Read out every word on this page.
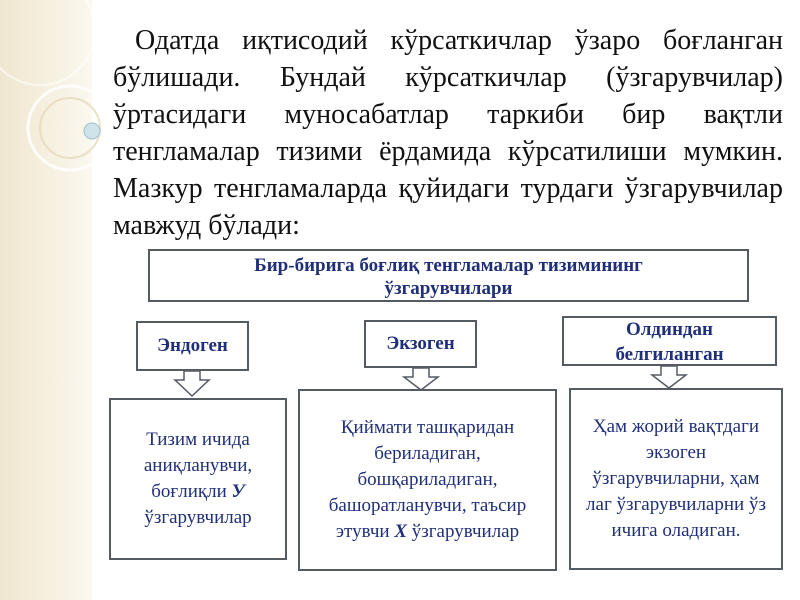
Одатда иқтисодий кўрсаткичлар ўзаро боғланган бўлишади. Бундай кўрсаткичлар (ўзгарувчилар) ўртасидаги муносабатлар таркиби бир вақтли тенгламалар тизими ёрдамида кўрсатилиши мумкин. Мазкур тенгламаларда қуйидаги турдаги ўзгарувчилар мавжуд бўлади:

Бир-бирига боғлиқ тенгламалар тизимининг
ўзгарувчилари
Эндоген	Экзоген
Олдиндан
белгиланган
Тизим ичида аниқланувчи, боғлиқли У ўзгарувчилар
Қиймати ташқаридан бериладиган, бошқариладиган, башоратланувчи, таъсир этувчи Х ўзгарувчилар
Ҳам жорий вақтдаги экзоген ўзгарувчиларни, ҳам лаг ўзгарувчиларни ўз ичига оладиган.
